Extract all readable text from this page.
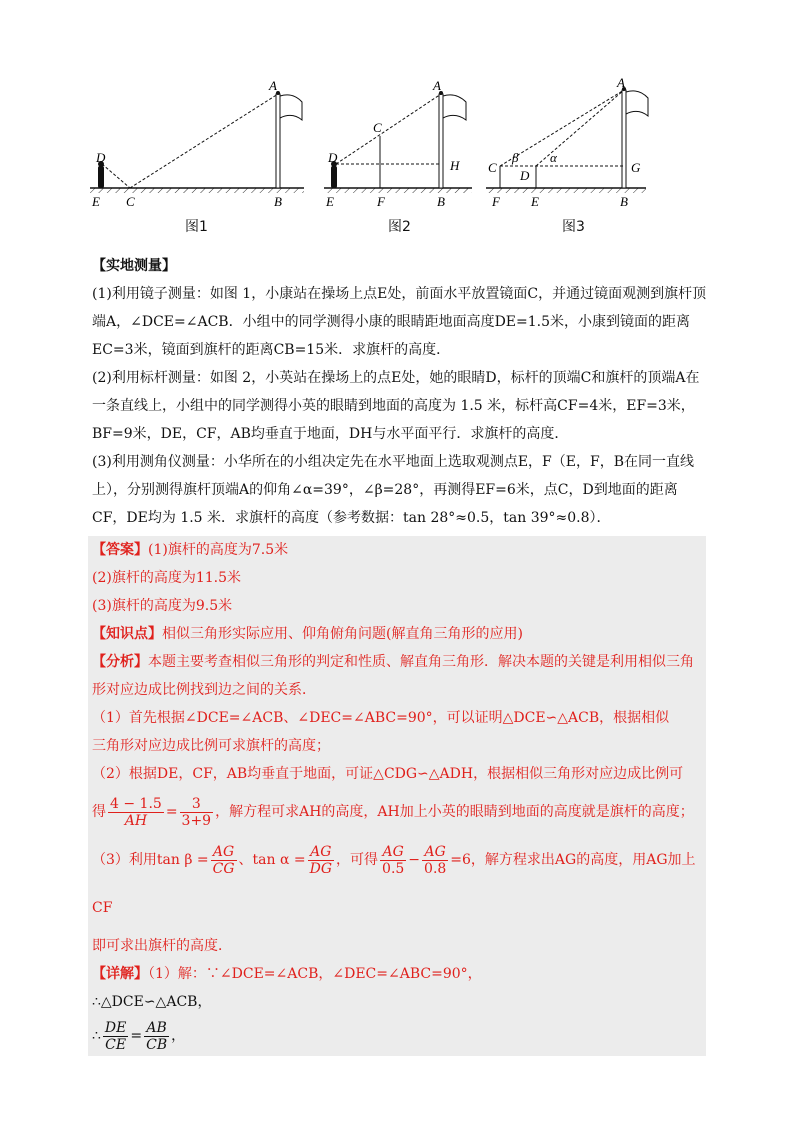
A
D
E C	B
A
C
D
H
E	F	B
A
C
D
G
F E	B
β α
图1	图2	图3

【实地测量】

(1)利用镜子测量：如图 1，小康站在操场上点E处，前面水平放置镜面C，并通过镜面观测到旗杆顶

端A，∠DCE=∠ACB．小组中的同学测得小康的眼睛距地面高度DE=1.5米，小康到镜面的距离

EC=3米，镜面到旗杆的距离CB=15米．求旗杆的高度．

(2)利用标杆测量：如图 2，小英站在操场上的点E处，她的眼睛D，标杆的顶端C和旗杆的顶端A在

一条直线上，小组中的同学测得小英的眼睛到地面的高度为 1.5 米，标杆高CF=4米，EF=3米，

BF=9米，DE，CF，AB均垂直于地面，DH与水平面平行．求旗杆的高度．

(3)利用测角仪测量：小华所在的小组决定先在水平地面上选取观测点E，F（E，F，B在同一直线

上），分别测得旗杆顶端A的仰角∠α=39°，∠β=28°，再测得EF=6米，点C，D到地面的距离

CF，DE均为 1.5 米．求旗杆的高度（参考数据：tan 28°≈0.5，tan 39°≈0.8）．

【答案】(1)旗杆的高度为7.5米

(2)旗杆的高度为11.5米

(3)旗杆的高度为9.5米

【知识点】相似三角形实际应用、仰角俯角问题(解直角三角形的应用)

【分析】本题主要考查相似三角形的判定和性质、解直角三角形．解决本题的关键是利用相似三角

形对应边成比例找到边之间的关系．

（1）首先根据∠DCE=∠ACB、∠DEC=∠ABC=90°，可以证明△DCE∽△ACB，根据相似

三角形对应边成比例可求旗杆的高度；

（2）根据DE，CF，AB均垂直于地面，可证△CDG∽△ADH，根据相似三角形对应边成比例可

得 $\frac{4 - 1.5}{AH} = \frac{3}{3+9}$ ，解方程可求AH的高度，AH加上小英的眼睛到地面的高度就是旗杆的高度；

（3）利用$\tan \beta = \frac{AG}{CG}$ 、$\tan \alpha = \frac{AG}{DG}$ ，可得 $\frac{AG}{0.5} - \frac{AG}{0.8} =6$，解方程求出AG的高度，用AG加上CF

即可求出旗杆的高度．

【详解】（1）解：∵∠DCE=∠ACB，∠DEC=∠ABC=90°，

∴△DCE∽△ACB，

∴ $\frac{DE}{CE} = \frac{AB}{CB}$ ，
